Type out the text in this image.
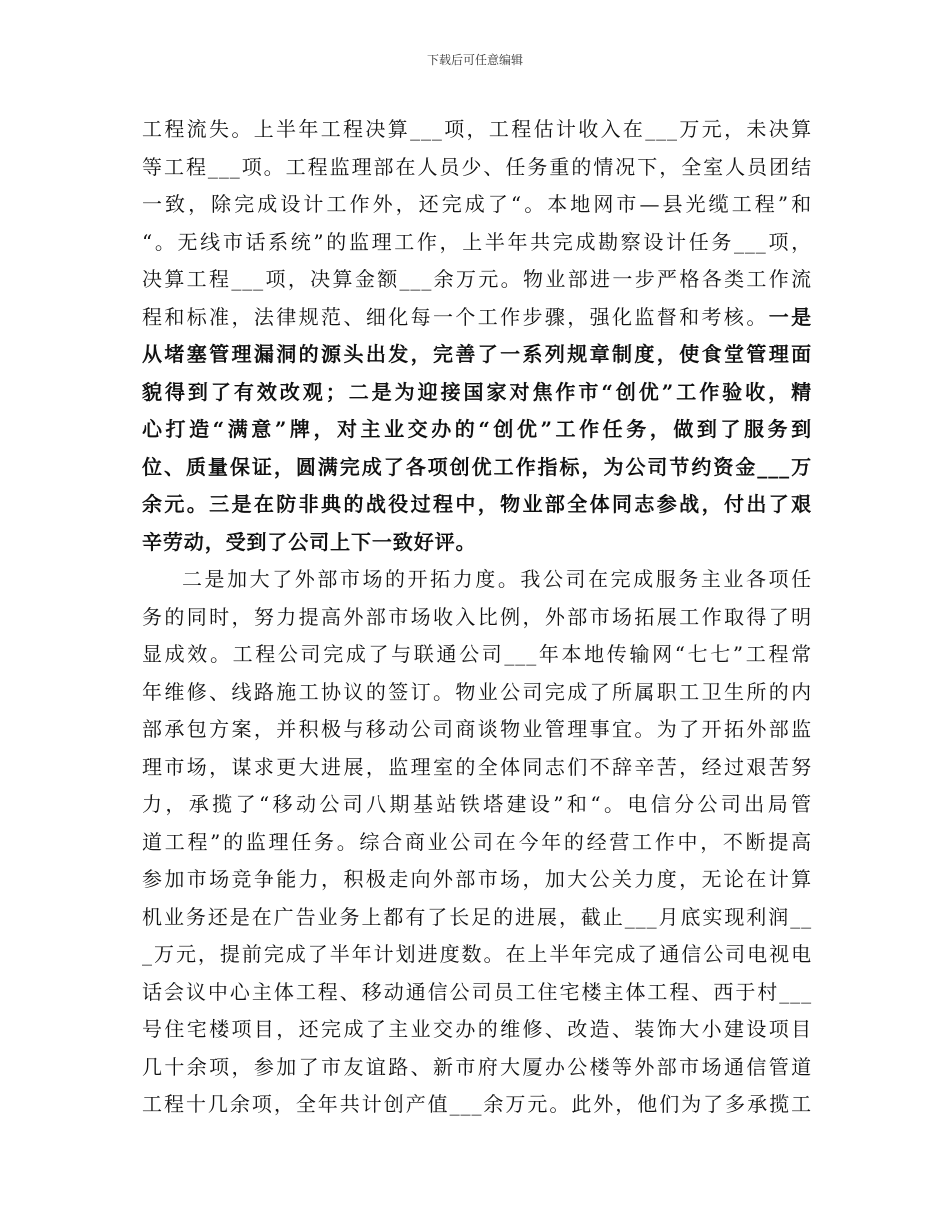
下载后可任意编辑
工程流失。上半年工程决算___项，工程估计收入在___万元，未决算
等工程___项。工程监理部在人员少、任务重的情况下，全室人员团结
一致，除完成设计工作外，还完成了“。本地网市—县光缆工程”和
“。无线市话系统”的监理工作，上半年共完成勘察设计任务___项，
决算工程___项，决算金额___余万元。物业部进一步严格各类工作流
程和标准，法律规范、细化每一个工作步骤，强化监督和考核。一是
从堵塞管理漏洞的源头出发，完善了一系列规章制度，使食堂管理面
貌得到了有效改观；二是为迎接国家对焦作市“创优”工作验收，精
心打造“满意”牌，对主业交办的“创优”工作任务，做到了服务到
位、质量保证，圆满完成了各项创优工作指标，为公司节约资金___万
余元。三是在防非典的战役过程中，物业部全体同志参战，付出了艰
辛劳动，受到了公司上下一致好评。
二是加大了外部市场的开拓力度。我公司在完成服务主业各项任
务的同时，努力提高外部市场收入比例，外部市场拓展工作取得了明
显成效。工程公司完成了与联通公司___年本地传输网“七七”工程常
年维修、线路施工协议的签订。物业公司完成了所属职工卫生所的内
部承包方案，并积极与移动公司商谈物业管理事宜。为了开拓外部监
理市场，谋求更大进展，监理室的全体同志们不辞辛苦，经过艰苦努
力，承揽了“移动公司八期基站铁塔建设”和“。电信分公司出局管
道工程”的监理任务。综合商业公司在今年的经营工作中，不断提高
参加市场竞争能力，积极走向外部市场，加大公关力度，无论在计算
机业务还是在广告业务上都有了长足的进展，截止___月底实现利润__
_万元，提前完成了半年计划进度数。在上半年完成了通信公司电视电
话会议中心主体工程、移动通信公司员工住宅楼主体工程、西于村___
号住宅楼项目，还完成了主业交办的维修、改造、装饰大小建设项目
几十余项，参加了市友谊路、新市府大厦办公楼等外部市场通信管道
工程十几余项，全年共计创产值___余万元。此外，他们为了多承揽工
